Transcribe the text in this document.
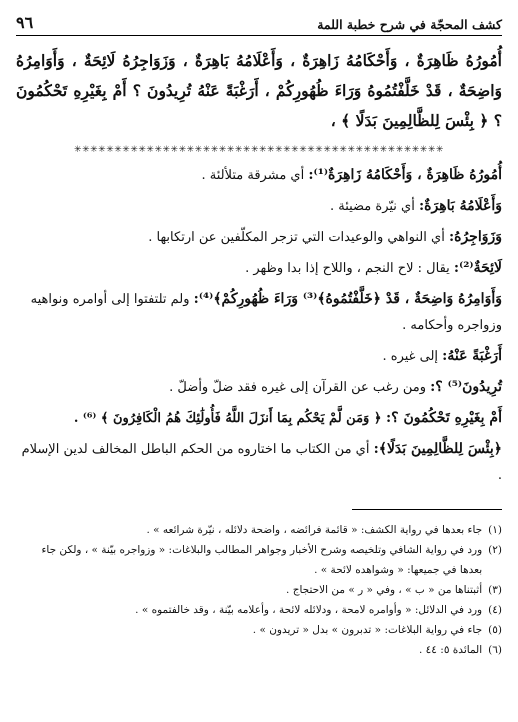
كشف المحجّة في شرح خطبة اللمة
٩٦
أُمُورُهُ ظَاهِرَةٌ ، وَأَحْكَامُهُ زَاهِرَةٌ ، وَأَعْلَامُهُ بَاهِرَةٌ ، وَزَوَاجِرُهُ لَائِحَةٌ ، وَأَوَامِرُهُ وَاضِحَةٌ ، قَدْ خَلَّفْتُمُوهُ وَرَاءَ ظُهُورِكُمْ ، أَرَغْبَةً عَنْهُ تُرِيدُونَ ؟ أَمْ بِغَيْرِهِ تَحْكُمُونَ ؟ ﴿ بِئْسَ لِلظَّالِمِينَ بَدَلًا ﴾ ،
✳✳✳✳✳✳✳✳✳✳✳✳✳✳✳✳✳✳✳✳✳✳✳✳✳✳✳✳✳✳✳✳✳✳✳✳✳✳✳✳✳✳✳✳✳✳

أُمُورُهُ ظَاهِرَةٌ ، وَأَحْكَامُهُ زَاهِرَةٌ⁽¹⁾: أي مشرقة متلألئة .

وَأَعْلَامُهُ بَاهِرَةٌ: أي نيّرة مضيئة .

وَزَوَاجِرُهُ: أي النواهي والوعيدات التي تزجر المكلّفين عن ارتكابها .

لَائِحَةٌ⁽²⁾: يقال : لاح النجم ، واللاح إذا بدا وظهر .

وَأَوَامِرُهُ وَاضِحَةٌ ، قَدْ ﴿خَلَّفْتُمُوهُ﴾⁽³⁾ وَرَاءَ ظُهُورِكُمْ﴾⁽⁴⁾: ولم تلتفتوا إلى أوامره ونواهيه وزواجره وأحكامه .

أَرَغْبَةً عَنْهُ: إلى غيره .

تُرِيدُونَ⁽⁵⁾ ؟: ومن رغب عن القرآن إلى غيره فقد ضلّ وأضلّ .

أَمْ بِغَيْرِهِ تَحْكُمُونَ ؟: ﴿ وَمَن لَّمْ يَحْكُم بِمَا أَنزَلَ اللَّهُ فَأُولَٰئِكَ هُمُ الْكَافِرُونَ ﴾ ⁽⁶⁾ .

﴿بِئْسَ لِلظَّالِمِينَ بَدَلًا﴾: أي من الكتاب ما اختاروه من الحكم الباطل المخالف لدين الإسلام .

(١)
جاء بعدها في رواية الكشف: « قائمة فرائضه ، واضحة دلائله ، نيّرة شرائعه » .
(٢)
ورد في رواية الشافي وتلخيصه وشرح الأخبار وجواهر المطالب والبلاغات: « وزواجره بيّنة » ، ولكن جاء بعدها في جميعها: « وشواهده لائحة » .
(٣)
أثبتناها من « ب » ، وفي « ر » من الاحتجاج .
(٤)
ورد في الدلائل: « وأوامره لامحة ، ودلائله لائحة ، وأعلامه بيّنة ، وقد خالفتموه » .
(٥)
جاء في رواية البلاغات: « تدبرون » بدل « تريدون » .
(٦)
المائدة ٥: ٤٤ .
